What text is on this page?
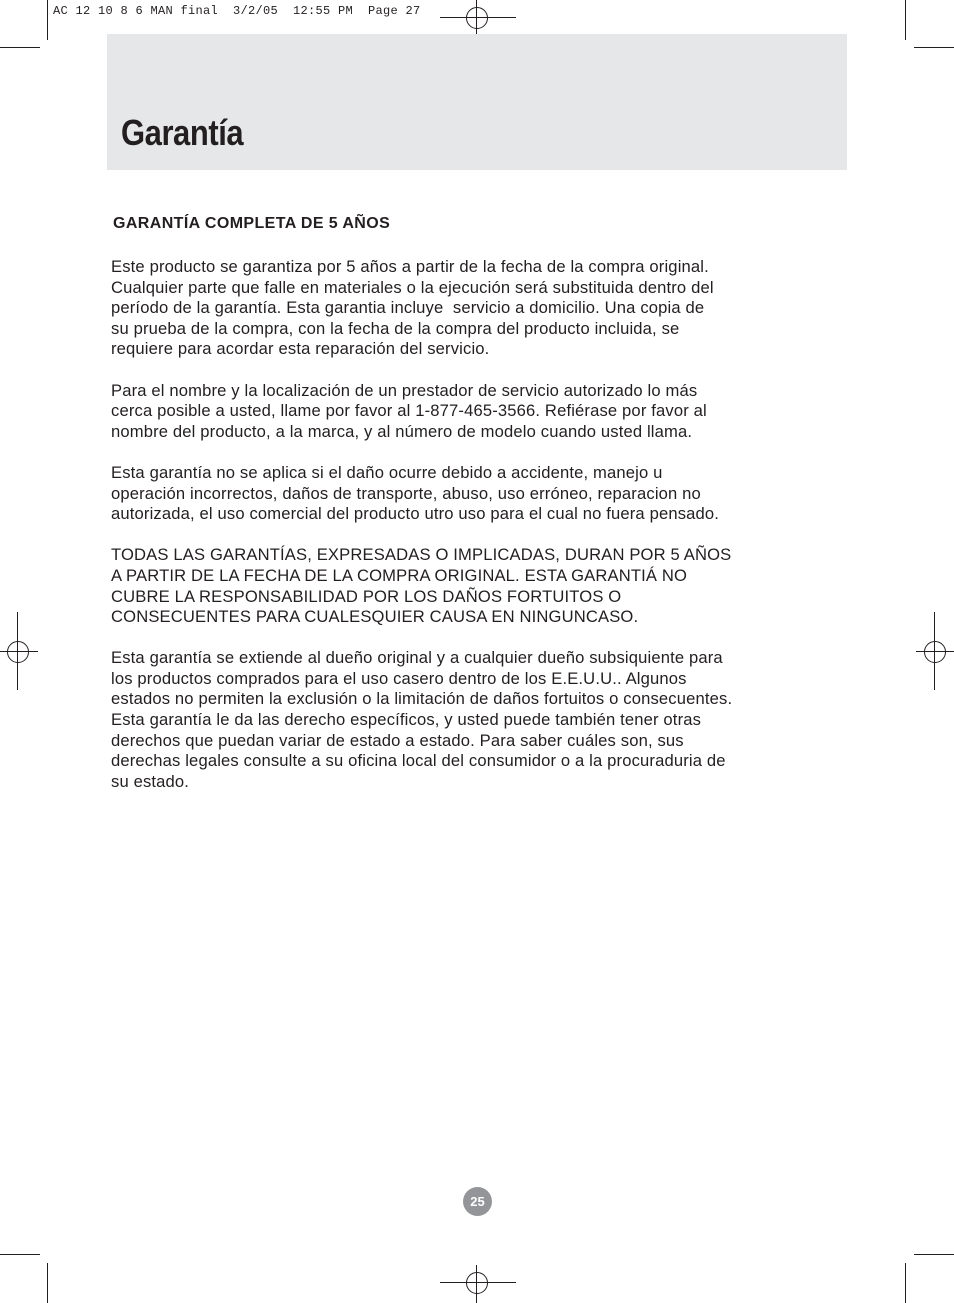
AC 12 10 8 6 MAN final  3/2/05  12:55 PM  Page 27
Garantía
GARANTÍA COMPLETA DE 5 AÑOS
Este producto se garantiza por 5 años a partir de la fecha de la compra original.
Cualquier parte que falle en materiales o la ejecución será substituida dentro del
período de la garantía. Esta garantia incluye  servicio a domicilio. Una copia de
su prueba de la compra, con la fecha de la compra del producto incluida, se
requiere para acordar esta reparación del servicio.
Para el nombre y la localización de un prestador de servicio autorizado lo más
cerca posible a usted, llame por favor al 1-877-465-3566. Refiérase por favor al
nombre del producto, a la marca, y al número de modelo cuando usted llama.
Esta garantía no se aplica si el daño ocurre debido a accidente, manejo u
operación incorrectos, daños de transporte, abuso, uso erróneo, reparacion no
autorizada, el uso comercial del producto utro uso para el cual no fuera pensado.
TODAS LAS GARANTÍAS, EXPRESADAS O IMPLICADAS, DURAN POR 5 AÑOS
A PARTIR DE LA FECHA DE LA COMPRA ORIGINAL. ESTA GARANTIÁ NO
CUBRE LA RESPONSABILIDAD POR LOS DAÑOS FORTUITOS O
CONSECUENTES PARA CUALESQUIER CAUSA EN NINGUNCASO.
Esta garantía se extiende al dueño original y a cualquier dueño subsiquiente para
los productos comprados para el uso casero dentro de los E.E.U.U.. Algunos
estados no permiten la exclusión o la limitación de daños fortuitos o consecuentes.
Esta garantía le da las derecho específicos, y usted puede también tener otras
derechos que puedan variar de estado a estado. Para saber cuáles son, sus
derechas legales consulte a su oficina local del consumidor o a la procuraduria de
su estado.
25
